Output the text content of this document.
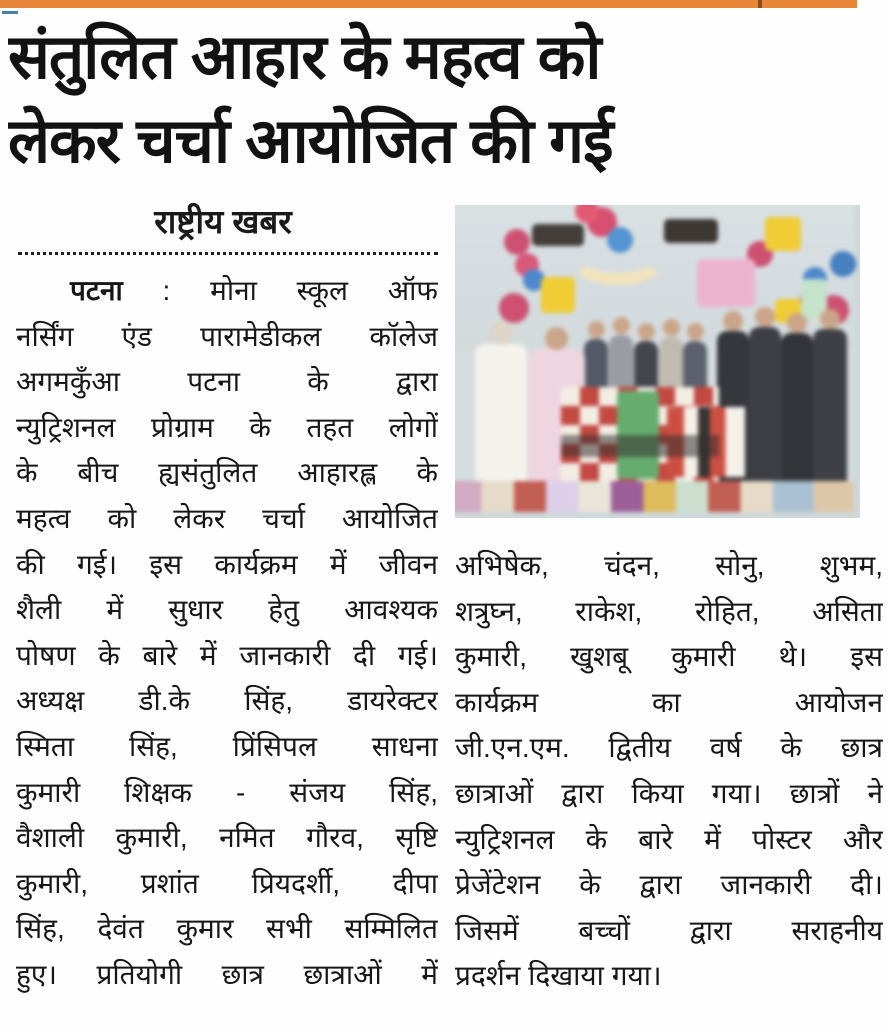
संतुलित आहार के महत्व को
लेकर चर्चा आयोजित की गई
राष्ट्रीय खबर
पटना : मोना स्कूल ऑफ
नर्सिंग एंड पारामेडीकल कॉलेज
अगमकुँआ पटना के द्वारा
न्युट्रिशनल प्रोग्राम के तहत लोगों
के बीच ह्यसंतुलित आहारह्ल के
महत्व को लेकर चर्चा आयोजित
की गई। इस कार्यक्रम में जीवन
शैली में सुधार हेतु आवश्यक
पोषण के बारे में जानकारी दी गई।
अध्यक्ष डी.के सिंह, डायरेक्टर
स्मिता सिंह, प्रिंसिपल साधना
कुमारी शिक्षक - संजय सिंह,
वैशाली कुमारी, नमित गौरव, सृष्टि
कुमारी, प्रशांत प्रियदर्शी, दीपा
सिंह, देवंत कुमार सभी सम्मिलित
हुए। प्रतियोगी छात्र छात्राओं में
अभिषेक, चंदन, सोनु, शुभम,
शत्रुघ्न, राकेश, रोहित, असिता
कुमारी, खुशबू कुमारी थे। इस
कार्यक्रम का आयोजन
जी.एन.एम. द्वितीय वर्ष के छात्र
छात्राओं द्वारा किया गया। छात्रों ने
न्युट्रिशनल के बारे में पोस्टर और
प्रेजेंटेशन के द्वारा जानकारी दी।
जिसमें बच्चों द्वारा सराहनीय
प्रदर्शन दिखाया गया।
